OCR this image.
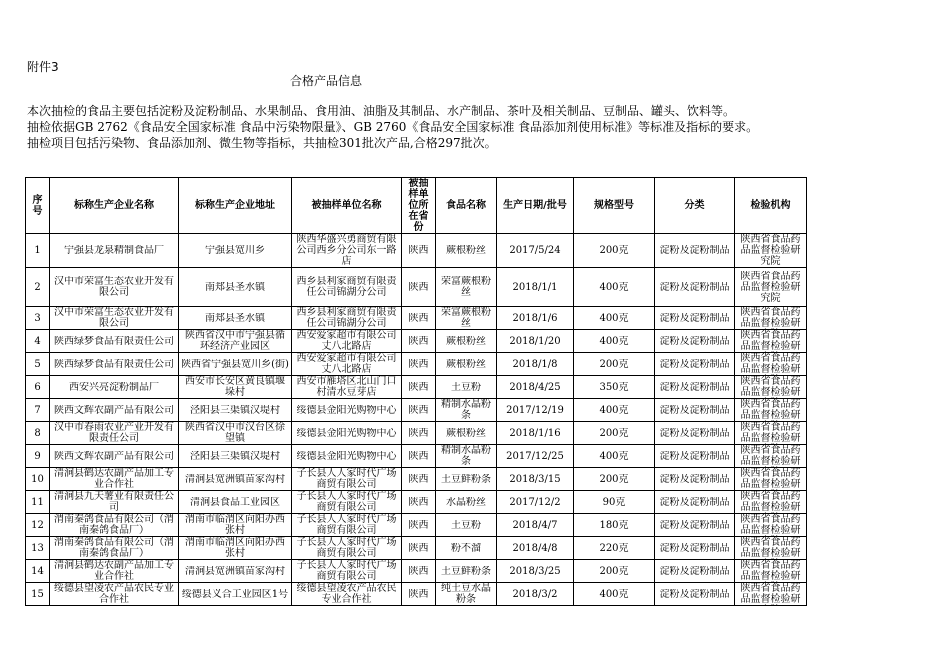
附件3
合格产品信息
本次抽检的食品主要包括淀粉及淀粉制品、水果制品、食用油、油脂及其制品、水产制品、茶叶及相关制品、豆制品、罐头、饮料等。
抽检依据GB 2762《食品安全国家标准 食品中污染物限量》、GB 2760《食品安全国家标准 食品添加剂使用标准》等标准及指标的要求。
抽检项目包括污染物、食品添加剂、微生物等指标，共抽检301批次产品,合格297批次。
序号	标称生产企业名称	标称生产企业地址	被抽样单位名称	被抽样单位所在省份	食品名称	生产日期/批号	规格型号	分类	检验机构

1	宁强县龙泉精制食品厂	宁强县宽川乡	陕西华盛兴勇商贸有限公司西乡分公司东一路店	陕西	蕨根粉丝	2017/5/24	200克	淀粉及淀粉制品	陕西省食品药品监督检验研究院

2	汉中市荣富生态农业开发有限公司	南郑县圣水镇	西乡县利家商贸有限责任公司锦湖分公司	陕西	荣富蕨根粉丝	2018/1/1	400克	淀粉及淀粉制品	陕西省食品药品监督检验研究院

3	汉中市荣富生态农业开发有限公司	南郑县圣水镇	西乡县利家商贸有限责任公司锦湖分公司	陕西	荣富蕨根粉丝	2018/1/6	400克	淀粉及淀粉制品	陕西省食品药品监督检验研

4	陕西绿梦食品有限责任公司	陕西省汉中市宁强县循环经济产业园区	西安爱家超市有限公司丈八北路店	陕西	蕨根粉丝	2018/1/20	400克	淀粉及淀粉制品	陕西省食品药品监督检验研

5	陕西绿梦食品有限责任公司	陕西省宁强县宽川乡(街)	西安爱家超市有限公司丈八北路店	陕西	蕨根粉丝	2018/1/8	200克	淀粉及淀粉制品	陕西省食品药品监督检验研

6	西安兴亮淀粉制品厂	西安市长安区黄良镇堰垛村	西安市雁塔区北山门口村清水豆芽店	陕西	土豆粉	2018/4/25	350克	淀粉及淀粉制品	陕西省食品药品监督检验研

7	陕西文辉农副产品有限公司	泾阳县三渠镇汉堤村	绥德县金阳光购物中心	陕西	精制水晶粉条	2017/12/19	400克	淀粉及淀粉制品	陕西省食品药品监督检验研

8	汉中市春雨农业产业开发有限责任公司	陕西省汉中市汉台区徐望镇	绥德县金阳光购物中心	陕西	蕨根粉丝	2018/1/16	200克	淀粉及淀粉制品	陕西省食品药品监督检验研

9	陕西文辉农副产品有限公司	泾阳县三渠镇汉堤村	绥德县金阳光购物中心	陕西	精制水晶粉条	2017/12/25	400克	淀粉及淀粉制品	陕西省食品药品监督检验研

10	清涧县鹤达农副产品加工专业合作社	清涧县宽洲镇苗家沟村	子长县人人家时代广场商贸有限公司	陕西	土豆鲜粉条	2018/3/15	200克	淀粉及淀粉制品	陕西省食品药品监督检验研

11	清涧县九天薯业有限责任公司	清涧县食品工业园区	子长县人人家时代广场商贸有限公司	陕西	水晶粉丝	2017/12/2	90克	淀粉及淀粉制品	陕西省食品药品监督检验研

12	渭南秦鸽食品有限公司（渭南秦鸽食品厂）	渭南市临渭区向阳办西张村	子长县人人家时代广场商贸有限公司	陕西	土豆粉	2018/4/7	180克	淀粉及淀粉制品	陕西省食品药品监督检验研

13	渭南秦鸽食品有限公司（渭南秦鸽食品厂）	渭南市临渭区向阳办西张村	子长县人人家时代广场商贸有限公司	陕西	粉不溜	2018/4/8	220克	淀粉及淀粉制品	陕西省食品药品监督检验研

14	清涧县鹤达农副产品加工专业合作社	清涧县宽洲镇苗家沟村	子长县人人家时代广场商贸有限公司	陕西	土豆鲜粉条	2018/3/25	200克	淀粉及淀粉制品	陕西省食品药品监督检验研

15	绥德县望凌农产品农民专业合作社	绥德县义合工业园区1号	绥德县望凌农产品农民专业合作社	陕西	纯土豆水晶粉条	2018/3/2	400克	淀粉及淀粉制品	陕西省食品药品监督检验研
